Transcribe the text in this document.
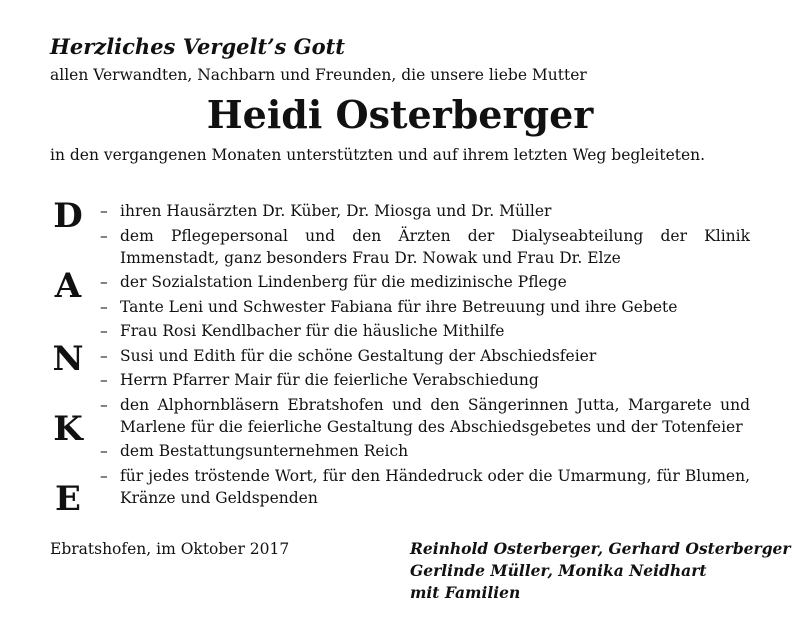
Herzliches Vergelt’s Gott
allen Verwandten, Nachbarn und Freunden, die unsere liebe Mutter
Heidi Osterberger
in den vergangenen Monaten unterstützten und auf ihrem letzten Weg begleiteten.
D
A
N
K
E
– ihren Hausärzten Dr. Küber, Dr. Miosga und Dr. Müller
– dem Pflegepersonal und den Ärzten der Dialyseabteilung der Klinik Immenstadt, ganz besonders Frau Dr. Nowak und Frau Dr. Elze
– der Sozialstation Lindenberg für die medizinische Pflege
– Tante Leni und Schwester Fabiana für ihre Betreuung und ihre Gebete
– Frau Rosi Kendlbacher für die häusliche Mithilfe
– Susi und Edith für die schöne Gestaltung der Abschiedsfeier
– Herrn Pfarrer Mair für die feierliche Verabschiedung
– den Alphornbläsern Ebratshofen und den Sängerinnen Jutta, Margarete und Marlene für die feierliche Gestaltung des Abschiedsgebetes und der Totenfeier
– dem Bestattungsunternehmen Reich
– für jedes tröstende Wort, für den Händedruck oder die Umarmung, für Blumen, Kränze und Geldspenden
Ebratshofen, im Oktober 2017	Reinhold Osterberger, Gerhard Osterberger
Gerlinde Müller, Monika Neidhart
mit Familien
